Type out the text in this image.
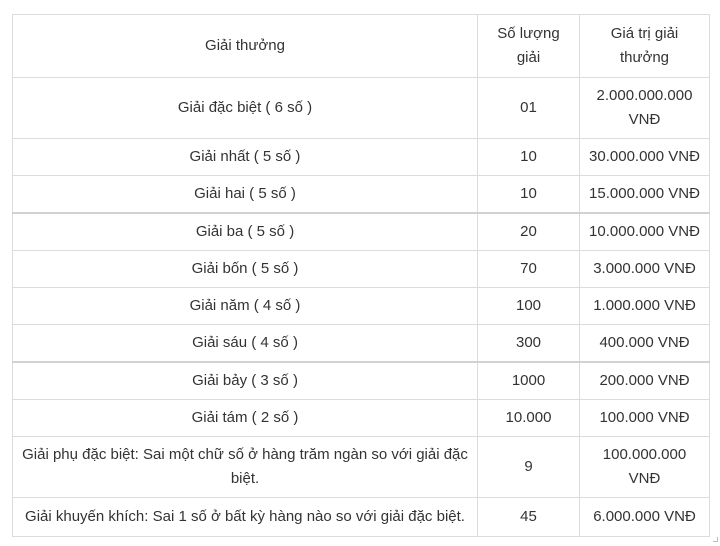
Giải thưởng	Số lượng giải	Giá trị giải thưởng
Giải đặc biệt ( 6 số )	01	2.000.000.000 VNĐ
Giải nhất ( 5 số )	10	30.000.000 VNĐ
Giải hai ( 5 số )	10	15.000.000 VNĐ
Giải ba ( 5 số )	20	10.000.000 VNĐ
Giải bốn ( 5 số )	70	3.000.000 VNĐ
Giải năm ( 4 số )	100	1.000.000 VNĐ
Giải sáu ( 4 số )	300	400.000 VNĐ
Giải bảy ( 3 số )	1000	200.000 VNĐ
Giải tám ( 2 số )	10.000	100.000 VNĐ
Giải phụ đặc biệt: Sai một chữ số ở hàng trăm ngàn so với giải đặc biệt.	9	100.000.000 VNĐ
Giải khuyến khích: Sai 1 số ở bất kỳ hàng nào so với giải đặc biệt.	45	6.000.000 VNĐ
